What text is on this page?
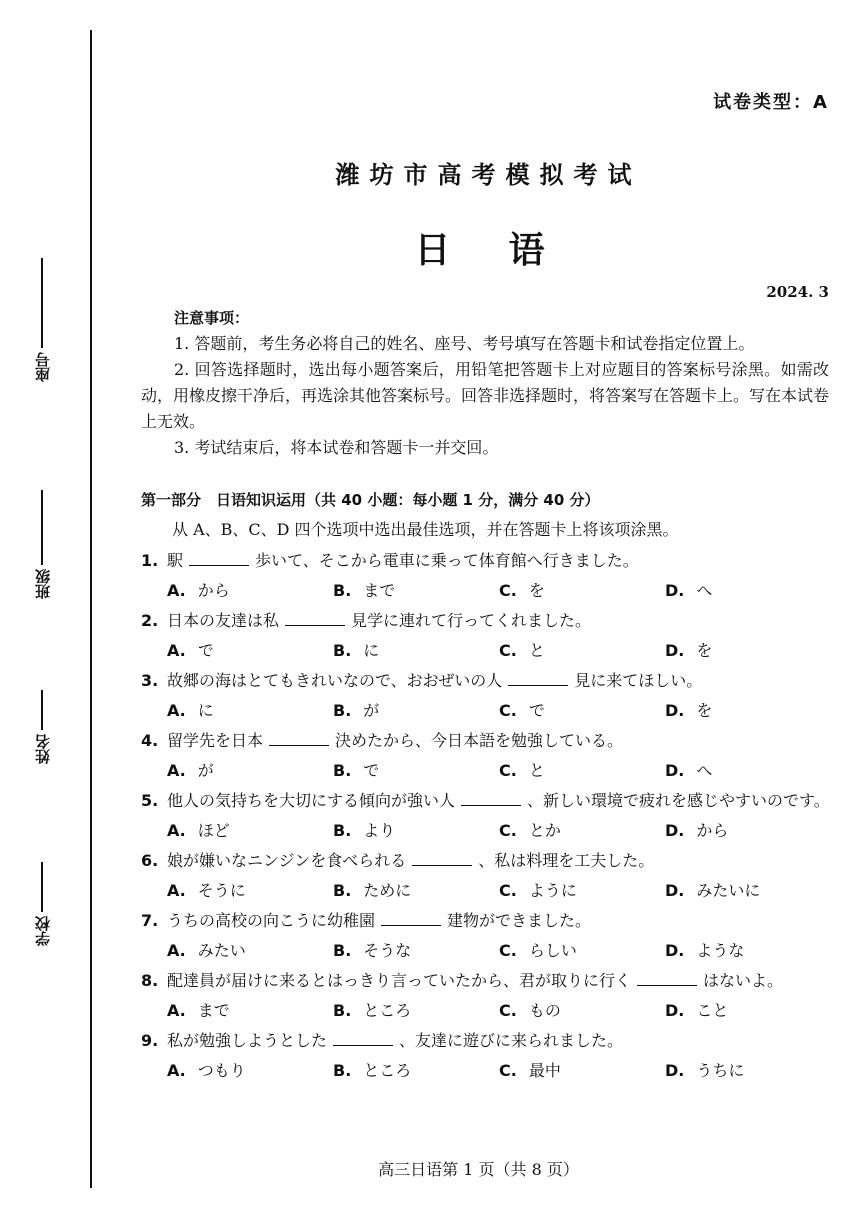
座号
班级
姓名
学校
试卷类型：A
潍坊市高考模拟考试
日语
2024. 3
注意事项：
1. 答题前，考生务必将自己的姓名、座号、考号填写在答题卡和试卷指定位置上。
2. 回答选择题时，选出每小题答案后，用铅笔把答题卡上对应题目的答案标号涂黑。如需改动，用橡皮擦干净后，再选涂其他答案标号。回答非选择题时，将答案写在答题卡上。写在本试卷上无效。
3. 考试结束后，将本试卷和答题卡一并交回。
第一部分　日语知识运用（共 40 小题：每小题 1 分，满分 40 分）
从 A、B、C、D 四个选项中选出最佳选项，并在答题卡上将该项涂黑。
1. 駅	歩いて、そこから電車に乗って体育館へ行きました。
A. から	B. まで	C. を	D. へ
2. 日本の友達は私	見学に連れて行ってくれました。
A. で	B. に	C. と	D. を
3. 故郷の海はとてもきれいなので、おおぜいの人	見に来てほしい。
A. に	B. が	C. で	D. を
4. 留学先を日本	決めたから、今日本語を勉強している。
A. が	B. で	C. と	D. へ
5. 他人の気持ちを大切にする傾向が強い人	、新しい環境で疲れを感じやすいのです。
A. ほど	B. より	C. とか	D. から
6. 娘が嫌いなニンジンを食べられる	、私は料理を工夫した。
A. そうに	B. ために	C. ように	D. みたいに
7. うちの高校の向こうに幼稚園	建物ができました。
A. みたい	B. そうな	C. らしい	D. ような
8. 配達員が届けに来るとはっきり言っていたから、君が取りに行く	はないよ。
A. まで	B. ところ	C. もの	D. こと
9. 私が勉強しようとした	、友達に遊びに来られました。
A. つもり	B. ところ	C. 最中	D. うちに
高三日语第 1 页（共 8 页）
